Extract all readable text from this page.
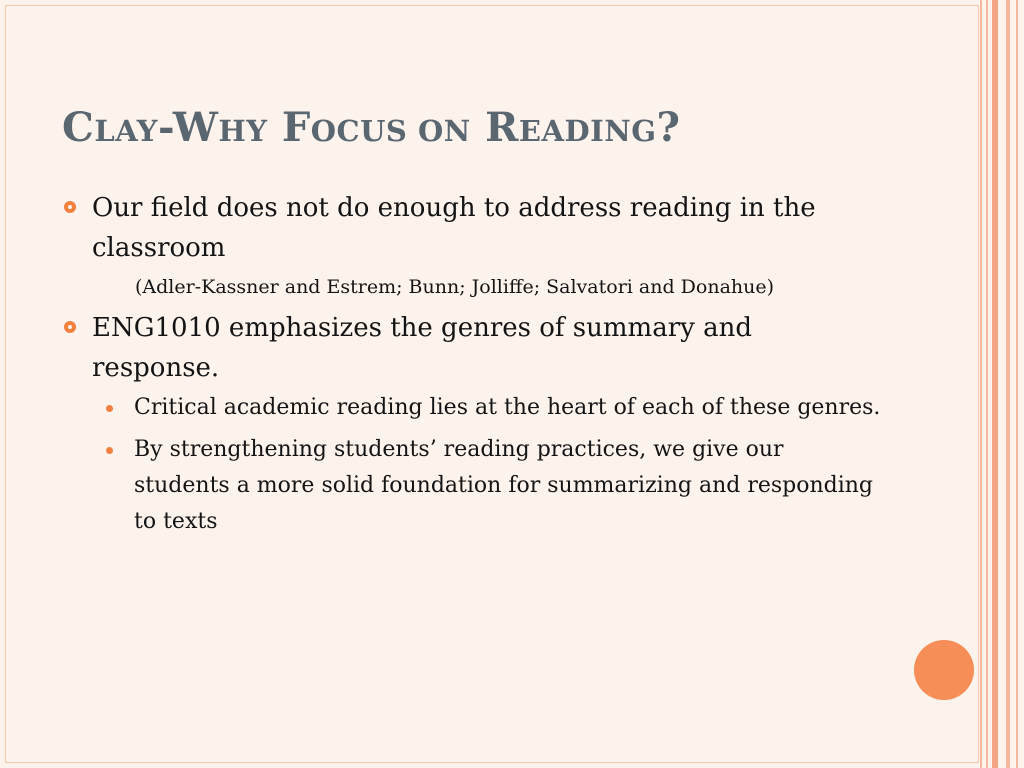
CLAY-WHY FOCUS ON READING?
Our field does not do enough to address reading in the classroom
(Adler-Kassner and Estrem; Bunn; Jolliffe; Salvatori and Donahue)
ENG1010 emphasizes the genres of summary and response.
Critical academic reading lies at the heart of each of these genres.
By strengthening students’ reading practices, we give our students a more solid foundation for summarizing and responding to texts
